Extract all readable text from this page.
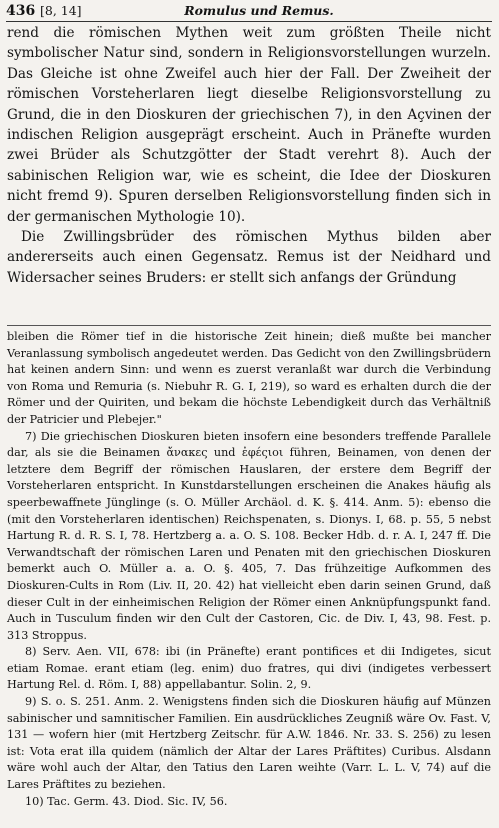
436 [8, 14]	Romulus und Remus.

rend die römischen Mythen weit zum größten Theile nicht symbolischer Natur sind, sondern in Religionsvorstellungen wurzeln. Das Gleiche ist ohne Zweifel auch hier der Fall. Der Zweiheit der römischen Vorsteherlaren liegt dieselbe Religionsvorstellung zu Grund, die in den Dioskuren der griechischen 7), in den Açvinen der indischen Religion ausgeprägt erscheint. Auch in Pränefte wurden zwei Brüder als Schutzgötter der Stadt verehrt 8). Auch der sabinischen Religion war, wie es scheint, die Idee der Dioskuren nicht fremd 9). Spuren derselben Religionsvorstellung finden sich in der germanischen Mythologie 10).

Die Zwillingsbrüder des römischen Mythus bilden aber andererseits auch einen Gegensatz. Remus ist der Neidhard und Widersacher seines Bruders: er stellt sich anfangs der Gründung

bleiben die Römer tief in die historische Zeit hinein; dieß mußte bei mancher Veranlassung symbolisch angedeutet werden. Das Gedicht von den Zwillingsbrüdern hat keinen andern Sinn: und wenn es zuerst veranlaßt war durch die Verbindung von Roma und Remuria (s. Niebuhr R. G. I, 219), so ward es erhalten durch die der Römer und der Quiriten, und bekam die höchste Lebendigkeit durch das Verhältniß der Patricier und Plebejer."

7) Die griechischen Dioskuren bieten insofern eine besonders treffende Parallele dar, als sie die Beinamen ἄνακες und ἐφέςιοι führen, Beinamen, von denen der letztere dem Begriff der römischen Hauslaren, der erstere dem Begriff der Vorsteherlaren entspricht. In Kunstdarstellungen erscheinen die Anakes häufig als speerbewaffnete Jünglinge (s. O. Müller Archäol. d. K. §. 414. Anm. 5): ebenso die (mit den Vorsteherlaren identischen) Reichspenaten, s. Dionys. I, 68. p. 55, 5 nebst Hartung R. d. R. S. I, 78. Hertzberg a. a. O. S. 108. Becker Hdb. d. r. A. I, 247 ff. Die Verwandtschaft der römischen Laren und Penaten mit den griechischen Dioskuren bemerkt auch O. Müller a. a. O. §. 405, 7. Das frühzeitige Aufkommen des Dioskuren-Cults in Rom (Liv. II, 20. 42) hat vielleicht eben darin seinen Grund, daß dieser Cult in der einheimischen Religion der Römer einen Anknüpfungspunkt fand. Auch in Tusculum finden wir den Cult der Castoren, Cic. de Div. I, 43, 98. Fest. p. 313 Stroppus.

8) Serv. Aen. VII, 678: ibi (in Pränefte) erant pontifices et dii Indigetes, sicut etiam Romae. erant etiam (leg. enim) duo fratres, qui divi (indigetes verbessert Hartung Rel. d. Röm. I, 88) appellabantur. Solin. 2, 9.

9) S. o. S. 251. Anm. 2. Wenigstens finden sich die Dioskuren häufig auf Münzen sabinischer und samnitischer Familien. Ein ausdrückliches Zeugniß wäre Ov. Fast. V, 131 — wofern hier (mit Hertzberg Zeitschr. für A.W. 1846. Nr. 33. S. 256) zu lesen ist: Vota erat illa quidem (nämlich der Altar der Lares Präftites) Curibus. Alsdann wäre wohl auch der Altar, den Tatius den Laren weihte (Varr. L. L. V, 74) auf die Lares Präftites zu beziehen.

10) Tac. Germ. 43. Diod. Sic. IV, 56.
